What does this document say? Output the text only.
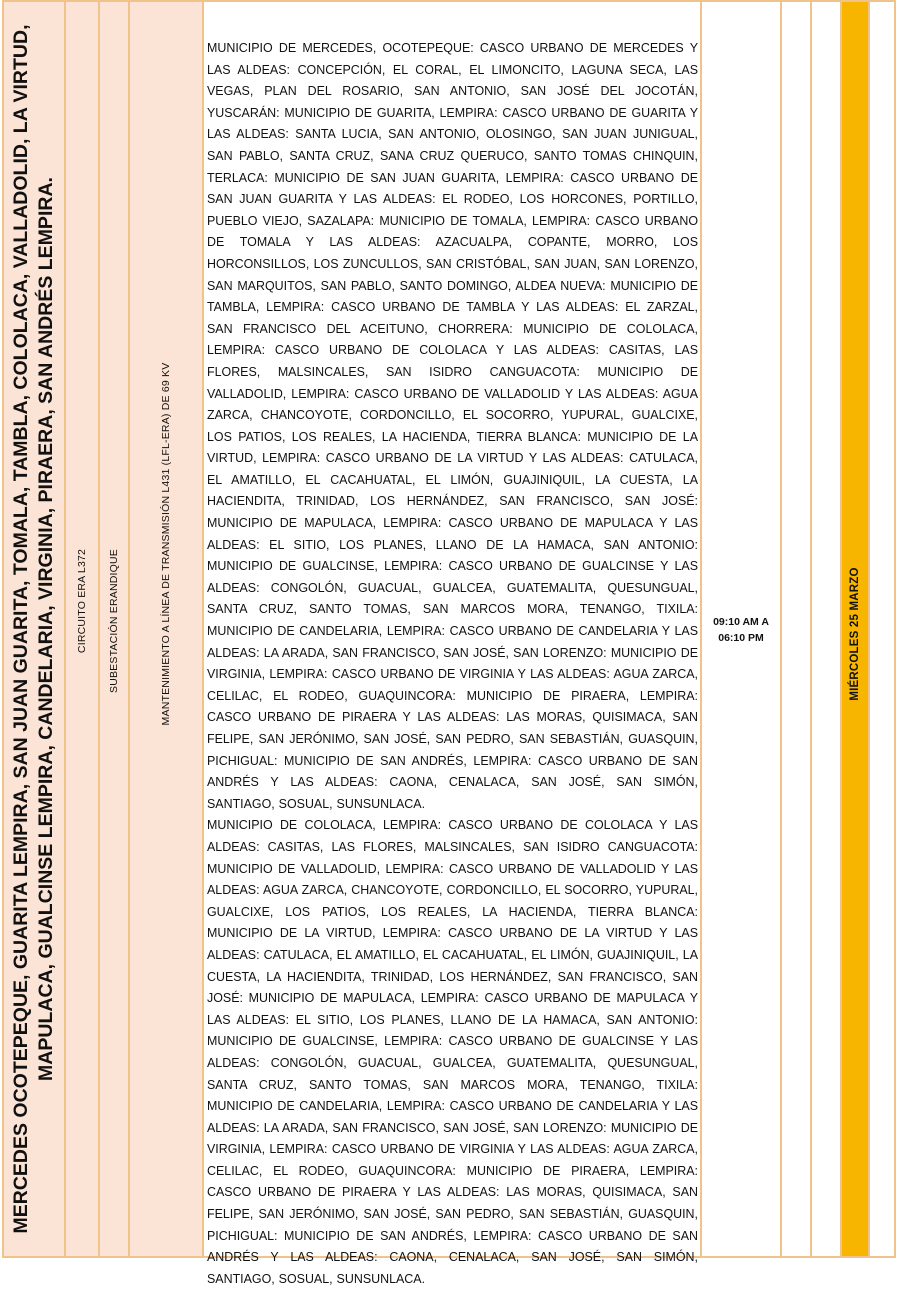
MERCEDES OCOTEPEQUE, GUARITA LEMPIRA, SAN JUAN GUARITA, TOMALA, TAMBLA, COLOLACA, VALLADOLID, LA VIRTUD, MAPULACA, GUALCINSE LEMPIRA, CANDELARIA, VIRGINIA, PIRAERA, SAN ANDRÉS LEMPIRA. CIRCUITO ERA L372 SUBESTACIÓN ERANDIQUE	MANTENIMIENTO A LÍNEA DE TRANSMISIÓN L431 (LFL-ERA) DE 69 KV

MUNICIPIO DE MERCEDES, OCOTEPEQUE: CASCO URBANO DE MERCEDES Y LAS ALDEAS: CONCEPCIÓN, EL CORAL, EL LIMONCITO, LAGUNA SECA, LAS VEGAS, PLAN DEL ROSARIO, SAN ANTONIO, SAN JOSÉ DEL JOCOTÁN, YUSCARÁN: MUNICIPIO DE GUARITA, LEMPIRA: CASCO URBANO DE GUARITA Y LAS ALDEAS: SANTA LUCIA, SAN ANTONIO, OLOSINGO, SAN JUAN JUNIGUAL, SAN PABLO, SANTA CRUZ, SANA CRUZ QUERUCO, SANTO TOMAS CHINQUIN, TERLACA: MUNICIPIO DE SAN JUAN GUARITA, LEMPIRA: CASCO URBANO DE SAN JUAN GUARITA Y LAS ALDEAS: EL RODEO, LOS HORCONES, PORTILLO, PUEBLO VIEJO, SAZALAPA: MUNICIPIO DE TOMALA, LEMPIRA: CASCO URBANO DE TOMALA Y LAS ALDEAS: AZACUALPA, COPANTE, MORRO, LOS HORCONSILLOS, LOS ZUNCULLOS, SAN CRISTÓBAL, SAN JUAN, SAN LORENZO, SAN MARQUITOS, SAN PABLO, SANTO DOMINGO, ALDEA NUEVA: MUNICIPIO DE TAMBLA, LEMPIRA: CASCO URBANO DE TAMBLA Y LAS ALDEAS: EL ZARZAL, SAN FRANCISCO DEL ACEITUNO, CHORRERA: MUNICIPIO DE COLOLACA, LEMPIRA: CASCO URBANO DE COLOLACA Y LAS ALDEAS: CASITAS, LAS FLORES, MALSINCALES, SAN ISIDRO CANGUACOTA: MUNICIPIO DE VALLADOLID, LEMPIRA: CASCO URBANO DE VALLADOLID Y LAS ALDEAS: AGUA ZARCA, CHANCOYOTE, CORDONCILLO, EL SOCORRO, YUPURAL, GUALCIXE, LOS PATIOS, LOS REALES, LA HACIENDA, TIERRA BLANCA: MUNICIPIO DE LA VIRTUD, LEMPIRA: CASCO URBANO DE LA VIRTUD Y LAS ALDEAS: CATULACA, EL AMATILLO, EL CACAHUATAL, EL LIMÓN, GUAJINIQUIL, LA CUESTA, LA HACIENDITA, TRINIDAD, LOS HERNÁNDEZ, SAN FRANCISCO, SAN JOSÉ: MUNICIPIO DE MAPULACA, LEMPIRA: CASCO URBANO DE MAPULACA Y LAS ALDEAS: EL SITIO, LOS PLANES, LLANO DE LA HAMACA, SAN ANTONIO: MUNICIPIO DE GUALCINSE, LEMPIRA: CASCO URBANO DE GUALCINSE Y LAS ALDEAS: CONGOLÓN, GUACUAL, GUALCEA, GUATEMALITA, QUESUNGUAL, SANTA CRUZ, SANTO TOMAS, SAN MARCOS MORA, TENANGO, TIXILA: MUNICIPIO DE CANDELARIA, LEMPIRA: CASCO URBANO DE CANDELARIA Y LAS ALDEAS: LA ARADA, SAN FRANCISCO, SAN JOSÉ, SAN LORENZO: MUNICIPIO DE VIRGINIA, LEMPIRA: CASCO URBANO DE VIRGINIA Y LAS ALDEAS: AGUA ZARCA, CELILAC, EL RODEO, GUAQUINCORA: MUNICIPIO DE PIRAERA, LEMPIRA: CASCO URBANO DE PIRAERA Y LAS ALDEAS: LAS MORAS, QUISIMACA, SAN FELIPE, SAN JERÓNIMO, SAN JOSÉ, SAN PEDRO, SAN SEBASTIÁN, GUASQUIN, PICHIGUAL: MUNICIPIO DE SAN ANDRÉS, LEMPIRA: CASCO URBANO DE SAN ANDRÉS Y LAS ALDEAS: CAONA, CENALACA, SAN JOSÉ, SAN SIMÓN, SANTIAGO, SOSUAL, SUNSUNLACA.

MUNICIPIO DE COLOLACA, LEMPIRA: CASCO URBANO DE COLOLACA Y LAS ALDEAS: CASITAS, LAS FLORES, MALSINCALES, SAN ISIDRO CANGUACOTA: MUNICIPIO DE VALLADOLID, LEMPIRA: CASCO URBANO DE VALLADOLID Y LAS ALDEAS: AGUA ZARCA, CHANCOYOTE, CORDONCILLO, EL SOCORRO, YUPURAL, GUALCIXE, LOS PATIOS, LOS REALES, LA HACIENDA, TIERRA BLANCA: MUNICIPIO DE LA VIRTUD, LEMPIRA: CASCO URBANO DE LA VIRTUD Y LAS ALDEAS: CATULACA, EL AMATILLO, EL CACAHUATAL, EL LIMÓN, GUAJINIQUIL, LA CUESTA, LA HACIENDITA, TRINIDAD, LOS HERNÁNDEZ, SAN FRANCISCO, SAN JOSÉ: MUNICIPIO DE MAPULACA, LEMPIRA: CASCO URBANO DE MAPULACA Y LAS ALDEAS: EL SITIO, LOS PLANES, LLANO DE LA HAMACA, SAN ANTONIO: MUNICIPIO DE GUALCINSE, LEMPIRA: CASCO URBANO DE GUALCINSE Y LAS ALDEAS: CONGOLÓN, GUACUAL, GUALCEA, GUATEMALITA, QUESUNGUAL, SANTA CRUZ, SANTO TOMAS, SAN MARCOS MORA, TENANGO, TIXILA: MUNICIPIO DE CANDELARIA, LEMPIRA: CASCO URBANO DE CANDELARIA Y LAS ALDEAS: LA ARADA, SAN FRANCISCO, SAN JOSÉ, SAN LORENZO: MUNICIPIO DE VIRGINIA, LEMPIRA: CASCO URBANO DE VIRGINIA Y LAS ALDEAS: AGUA ZARCA, CELILAC, EL RODEO, GUAQUINCORA: MUNICIPIO DE PIRAERA, LEMPIRA: CASCO URBANO DE PIRAERA Y LAS ALDEAS: LAS MORAS, QUISIMACA, SAN FELIPE, SAN JERÓNIMO, SAN JOSÉ, SAN PEDRO, SAN SEBASTIÁN, GUASQUIN, PICHIGUAL: MUNICIPIO DE SAN ANDRÉS, LEMPIRA: CASCO URBANO DE SAN ANDRÉS Y LAS ALDEAS: CAONA, CENALACA, SAN JOSÉ, SAN SIMÓN, SANTIAGO, SOSUAL, SUNSUNLACA.

09:10 AM A
06:10 PM	MIÉRCOLES 25 MARZO
